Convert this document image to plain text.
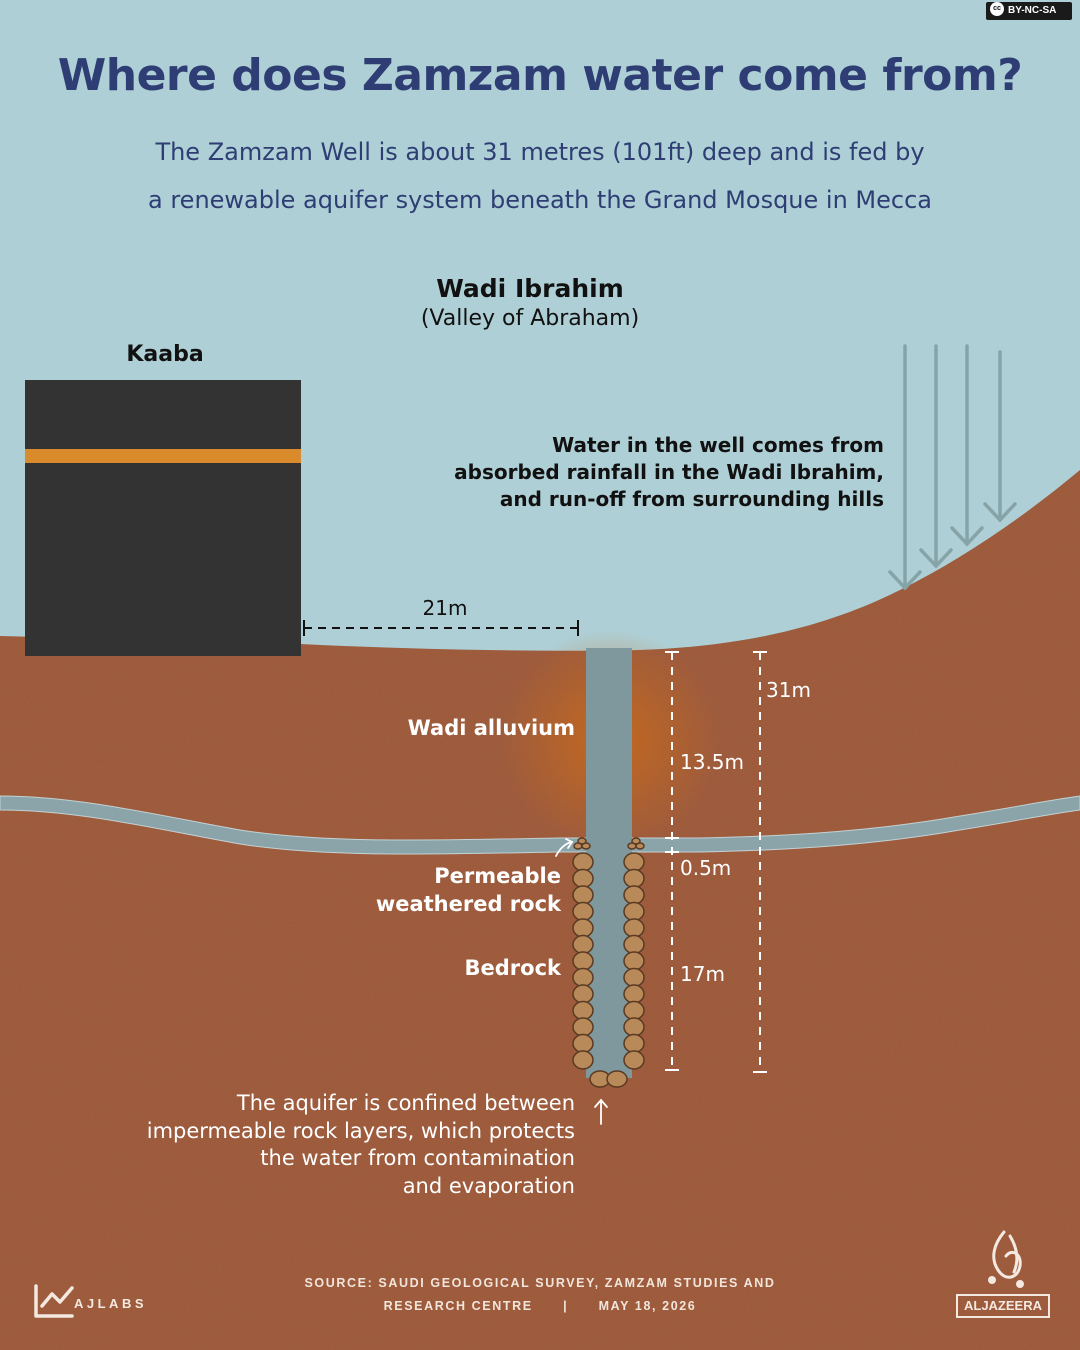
cc BY-NC-SA
Where does Zamzam water come from?
The Zamzam Well is about 31 metres (101ft) deep and is fed by
a renewable aquifer system beneath the Grand Mosque in Mecca
Wadi Ibrahim
(Valley of Abraham)
Kaaba
Water in the well comes from
absorbed rainfall in the Wadi Ibrahim,
and run-off from surrounding hills
21m
Wadi alluvium
Permeable
weathered rock
Bedrock
31m
13.5m
0.5m
17m
The aquifer is confined between
impermeable rock layers, which protects
the water from contamination
and evaporation
SOURCE: SAUDI GEOLOGICAL SURVEY, ZAMZAM STUDIES AND
RESEARCH CENTRE      |      MAY 18, 2026
AJLABS	ALJAZEERA
